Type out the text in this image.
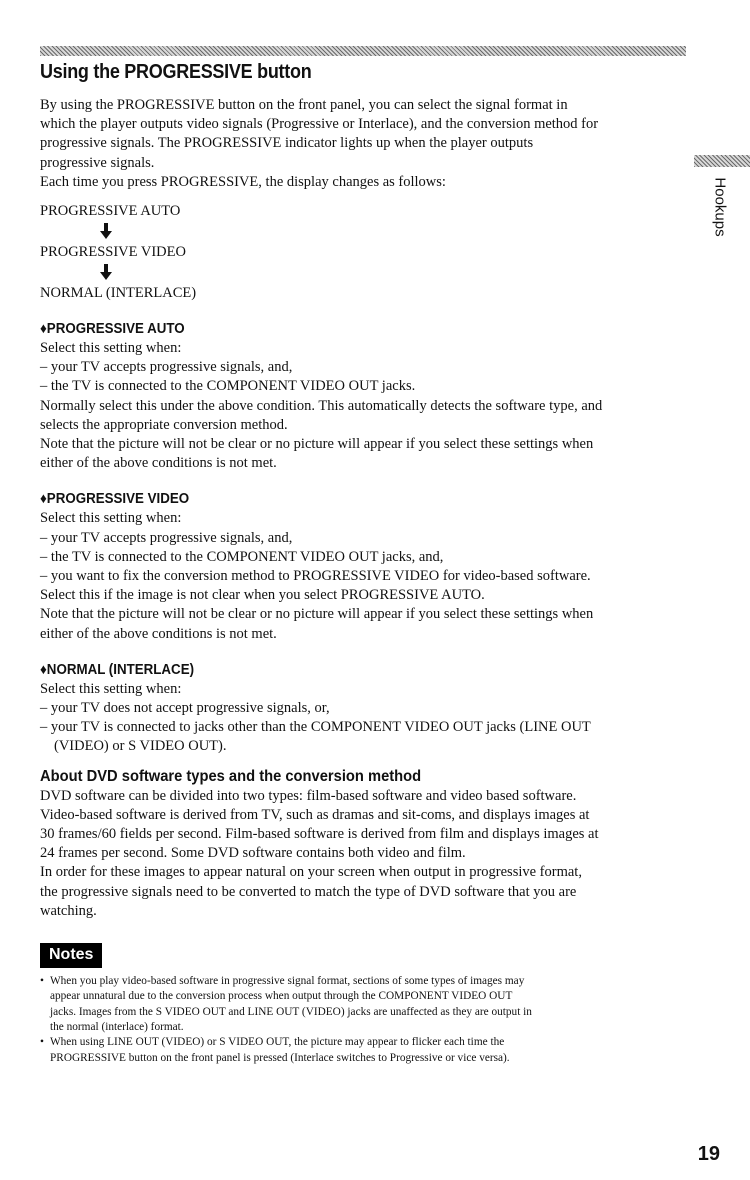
Hookups
Using the PROGRESSIVE button

By using the PROGRESSIVE button on the front panel, you can select the signal format in

which the player outputs video signals (Progressive or Interlace), and the conversion method for

progressive signals. The PROGRESSIVE indicator lights up when the player outputs

progressive signals.

Each time you press PROGRESSIVE, the display changes as follows:

PROGRESSIVE AUTO
PROGRESSIVE VIDEO
NORMAL (INTERLACE)
♦PROGRESSIVE AUTO

Select this setting when:

– your TV accepts progressive signals, and,

– the TV is connected to the COMPONENT VIDEO OUT jacks.

Normally select this under the above condition. This automatically detects the software type, and

selects the appropriate conversion method.

Note that the picture will not be clear or no picture will appear if you select these settings when

either of the above conditions is not met.

♦PROGRESSIVE VIDEO

Select this setting when:

– your TV accepts progressive signals, and,

– the TV is connected to the COMPONENT VIDEO OUT jacks, and,

– you want to fix the conversion method to PROGRESSIVE VIDEO for video-based software.

Select this if the image is not clear when you select PROGRESSIVE AUTO.

Note that the picture will not be clear or no picture will appear if you select these settings when

either of the above conditions is not met.

♦NORMAL (INTERLACE)

Select this setting when:

– your TV does not accept progressive signals, or,

– your TV is connected to jacks other than the COMPONENT VIDEO OUT jacks (LINE OUT

(VIDEO) or S VIDEO OUT).

About DVD software types and the conversion method

DVD software can be divided into two types: film-based software and video based software.

Video-based software is derived from TV, such as dramas and sit-coms, and displays images at

30 frames/60 fields per second. Film-based software is derived from film and displays images at

24 frames per second. Some DVD software contains both video and film.

In order for these images to appear natural on your screen when output in progressive format,

the progressive signals need to be converted to match the type of DVD software that you are

watching.

Notes
• When you play video-based software in progressive signal format, sections of some types of images may
appear unnatural due to the conversion process when output through the COMPONENT VIDEO OUT
jacks. Images from the S VIDEO OUT and LINE OUT (VIDEO) jacks are unaffected as they are output in
the normal (interlace) format.
• When using LINE OUT (VIDEO) or S VIDEO OUT, the picture may appear to flicker each time the
PROGRESSIVE button on the front panel is pressed (Interlace switches to Progressive or vice versa).
19
